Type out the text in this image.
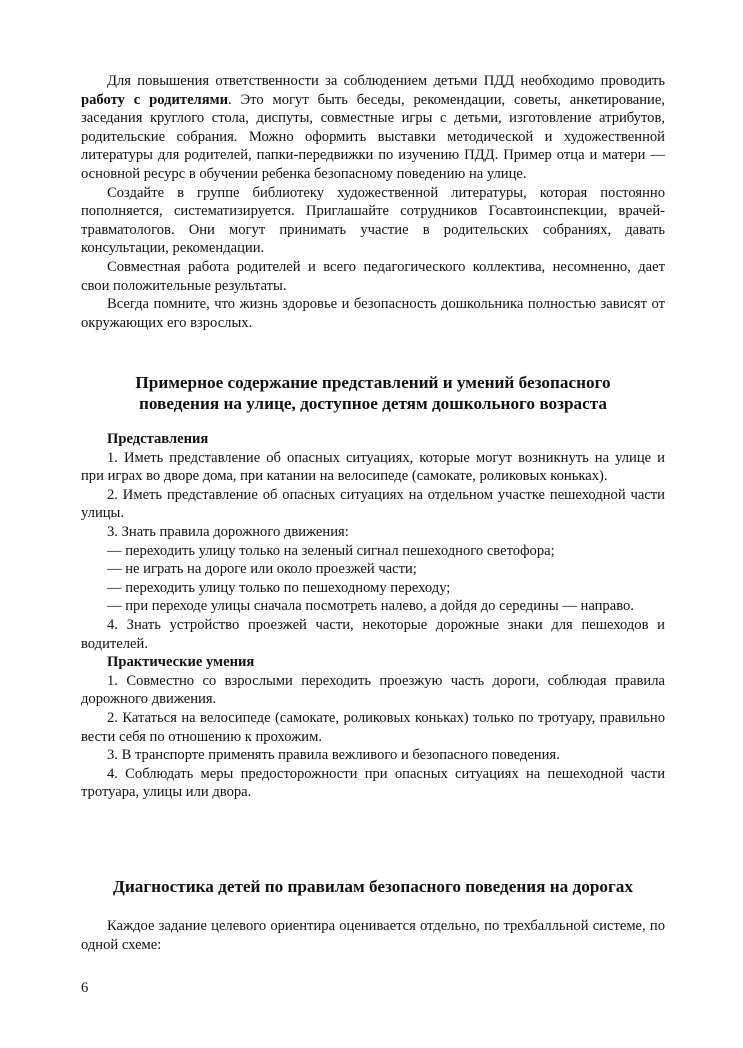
Для повышения ответственности за соблюдением детьми ПДД необходимо проводить работу с родителями. Это могут быть беседы, рекомендации, советы, анкетирование, заседания круглого стола, диспуты, совместные игры с детьми, изготовление атрибутов, родительские собрания. Можно оформить выставки методической и художественной литературы для родителей, папки-передвижки по изучению ПДД. Пример отца и матери — основной ресурс в обучении ребенка безопасному поведению на улице.

Создайте в группе библиотеку художественной литературы, которая постоянно пополняется, систематизируется. Приглашайте сотрудников Госавтоинспекции, врачей-травматологов. Они могут принимать участие в родительских собраниях, давать консультации, рекомендации.

Совместная работа родителей и всего педагогического коллектива, несомненно, дает свои положительные результаты.

Всегда помните, что жизнь здоровье и безопасность дошкольника полностью зависят от окружающих его взрослых.

Примерное содержание представлений и умений безопасного
поведения на улице, доступное детям дошкольного возраста

Представления

1. Иметь представление об опасных ситуациях, которые могут возникнуть на улице и при играх во дворе дома, при катании на велосипеде (самокате, роликовых коньках).

2. Иметь представление об опасных ситуациях на отдельном участке пешеходной части улицы.

3. Знать правила дорожного движения:

— переходить улицу только на зеленый сигнал пешеходного светофора;

— не играть на дороге или около проезжей части;

— переходить улицу только по пешеходному переходу;

— при переходе улицы сначала посмотреть налево, а дойдя до середины — направо.

4. Знать устройство проезжей части, некоторые дорожные знаки для пешеходов и водителей.

Практические умения

1. Совместно со взрослыми переходить проезжую часть дороги, соблюдая правила дорожного движения.

2. Кататься на велосипеде (самокате, роликовых коньках) только по тротуару, правильно вести себя по отношению к прохожим.

3. В транспорте применять правила вежливого и безопасного поведения.

4. Соблюдать меры предосторожности при опасных ситуациях на пешеходной части тротуара, улицы или двора.

Диагностика детей по правилам безопасного поведения на дорогах

Каждое задание целевого ориентира оценивается отдельно, по трехбалльной системе, по одной схеме:

6
